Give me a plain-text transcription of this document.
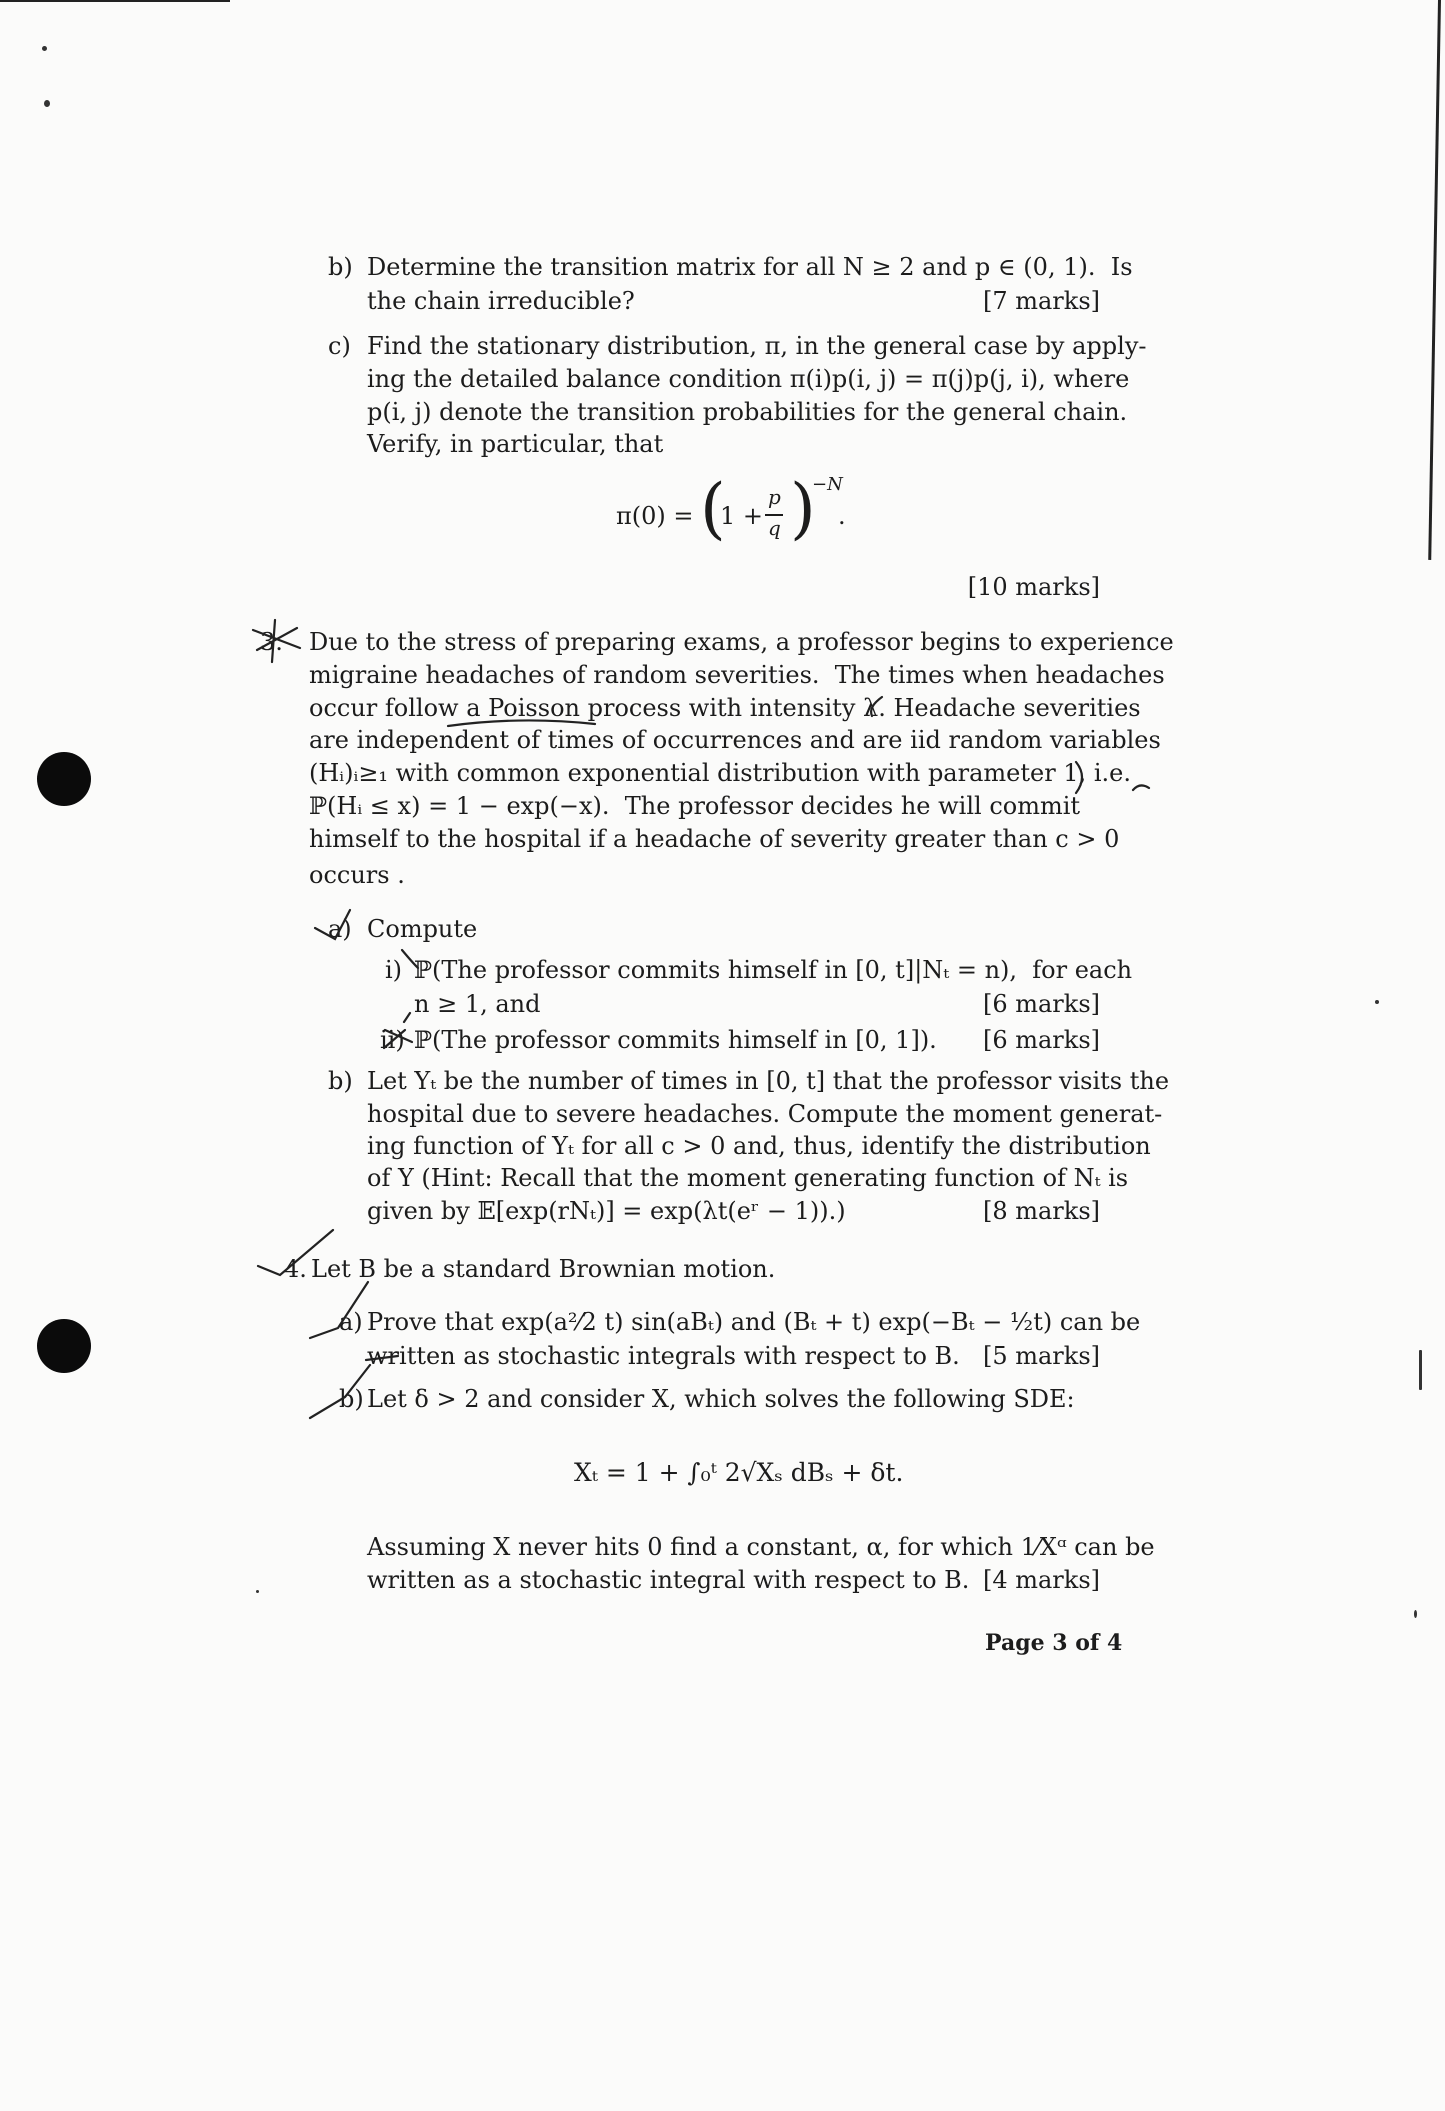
b) Determine the transition matrix for all N ≥ 2 and p ∈ (0, 1).  Is
the chain irreducible?	[7 marks]
c) Find the stationary distribution, π, in the general case by apply-
ing the detailed balance condition π(i)p(i, j) = π(j)p(j, i), where
p(i, j) denote the transition probabilities for the general chain.
Verify, in particular, that
π(0) = (
1 +
p
q )
−N
.
[10 marks]
3. Due to the stress of preparing exams, a professor begins to experience
migraine headaches of random severities.  The times when headaches
occur follow a Poisson process with intensity λ. Headache severities
are independent of times of occurrences and are iid random variables
(Hᵢ)ᵢ≥₁ with common exponential distribution with parameter 1, i.e.
ℙ(Hᵢ ≤ x) = 1 − exp(−x).  The professor decides he will commit
himself to the hospital if a headache of severity greater than c > 0
occurs .
a) Compute
i) ℙ(The professor commits himself in [0, t]|Nₜ = n),  for each
n ≥ 1, and	[6 marks]
ii) ℙ(The professor commits himself in [0, 1]). [6 marks]
b) Let Yₜ be the number of times in [0, t] that the professor visits the
hospital due to severe headaches. Compute the moment generat-
ing function of Yₜ for all c > 0 and, thus, identify the distribution
of Y (Hint: Recall that the moment generating function of Nₜ is
given by 𝔼[exp(rNₜ)] = exp(λt(eʳ − 1)).)	[8 marks]
4. Let B be a standard Brownian motion.
a) Prove that exp(a²⁄2 t) sin(aBₜ) and (Bₜ + t) exp(−Bₜ − ½t) can be
written as stochastic integrals with respect to B. [5 marks]
b) Let δ > 2 and consider X, which solves the following SDE:
Xₜ = 1 + ∫₀ᵗ 2√Xₛ dBₛ + δt.
Assuming X never hits 0 find a constant, α, for which 1⁄Xᵅ can be
written as a stochastic integral with respect to B. [4 marks]
Page 3 of 4
